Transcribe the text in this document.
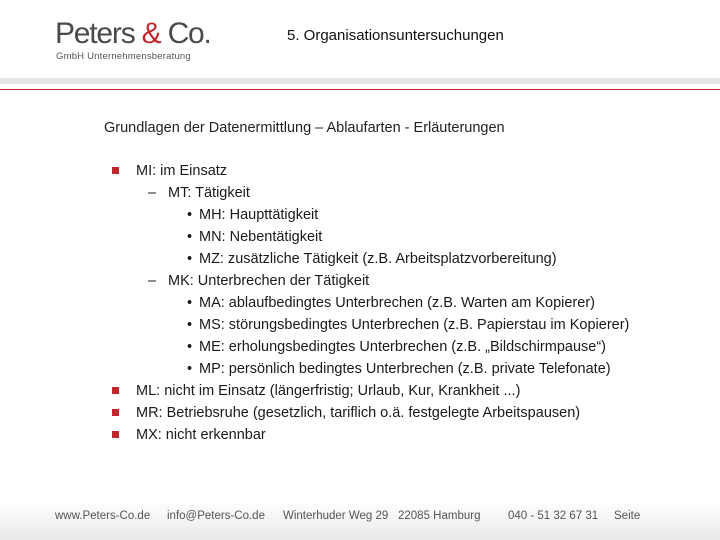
Peters & Co.
GmbH Unternehmensberatung
5. Organisationsuntersuchungen
Grundlagen der Datenermittlung – Ablaufarten - Erläuterungen
MI: im Einsatz
– MT: Tätigkeit
• MH: Haupttätigkeit
• MN: Nebentätigkeit
• MZ: zusätzliche Tätigkeit (z.B. Arbeitsplatzvorbereitung)
– MK: Unterbrechen der Tätigkeit
• MA: ablaufbedingtes Unterbrechen (z.B. Warten am Kopierer)
• MS: störungsbedingtes Unterbrechen (z.B. Papierstau im Kopierer)
• ME: erholungsbedingtes Unterbrechen (z.B. „Bildschirmpause“)
• MP: persönlich bedingtes Unterbrechen (z.B. private Telefonate)
ML: nicht im Einsatz (längerfristig; Urlaub, Kur, Krankheit ...)
MR: Betriebsruhe (gesetzlich, tariflich o.ä. festgelegte Arbeitspausen)
MX: nicht erkennbar
www.Peters-Co.de info@Peters-Co.de Winterhuder Weg 29 22085 Hamburg 040 - 51 32 67 31 Seite
